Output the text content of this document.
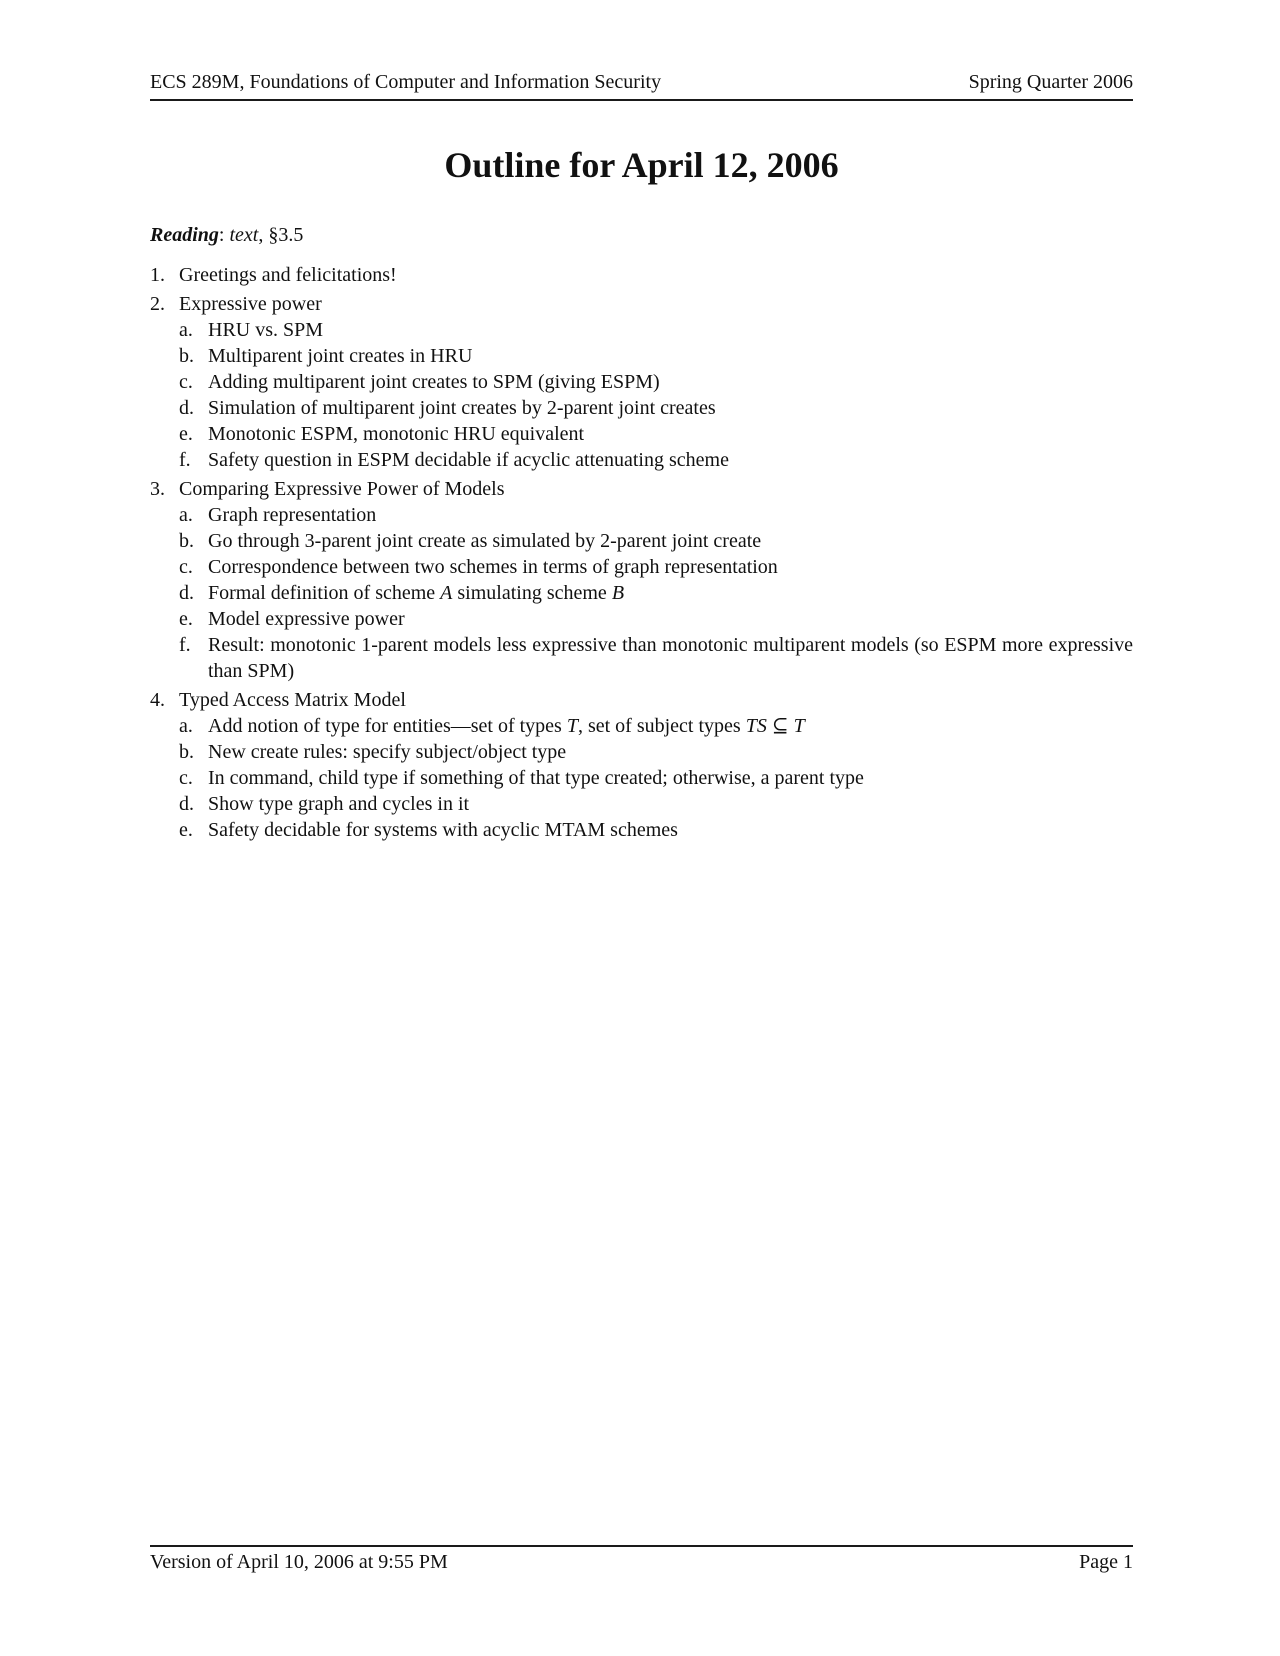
ECS 289M, Foundations of Computer and Information Security	Spring Quarter 2006
Outline for April 12, 2006
Reading: text, §3.5
1. Greetings and felicitations!
2. Expressive power
a. HRU vs. SPM
b. Multiparent joint creates in HRU
c. Adding multiparent joint creates to SPM (giving ESPM)
d. Simulation of multiparent joint creates by 2-parent joint creates
e. Monotonic ESPM, monotonic HRU equivalent
f. Safety question in ESPM decidable if acyclic attenuating scheme
3. Comparing Expressive Power of Models
a. Graph representation
b. Go through 3-parent joint create as simulated by 2-parent joint create
c. Correspondence between two schemes in terms of graph representation
d. Formal definition of scheme A simulating scheme B
e. Model expressive power
f. Result: monotonic 1-parent models less expressive than monotonic multiparent models (so ESPM more expressive than SPM)
4. Typed Access Matrix Model
a. Add notion of type for entities—set of types T, set of subject types TS ⊆ T
b. New create rules: specify subject/object type
c. In command, child type if something of that type created; otherwise, a parent type
d. Show type graph and cycles in it
e. Safety decidable for systems with acyclic MTAM schemes
Version of April 10, 2006 at 9:55 PM	Page 1
